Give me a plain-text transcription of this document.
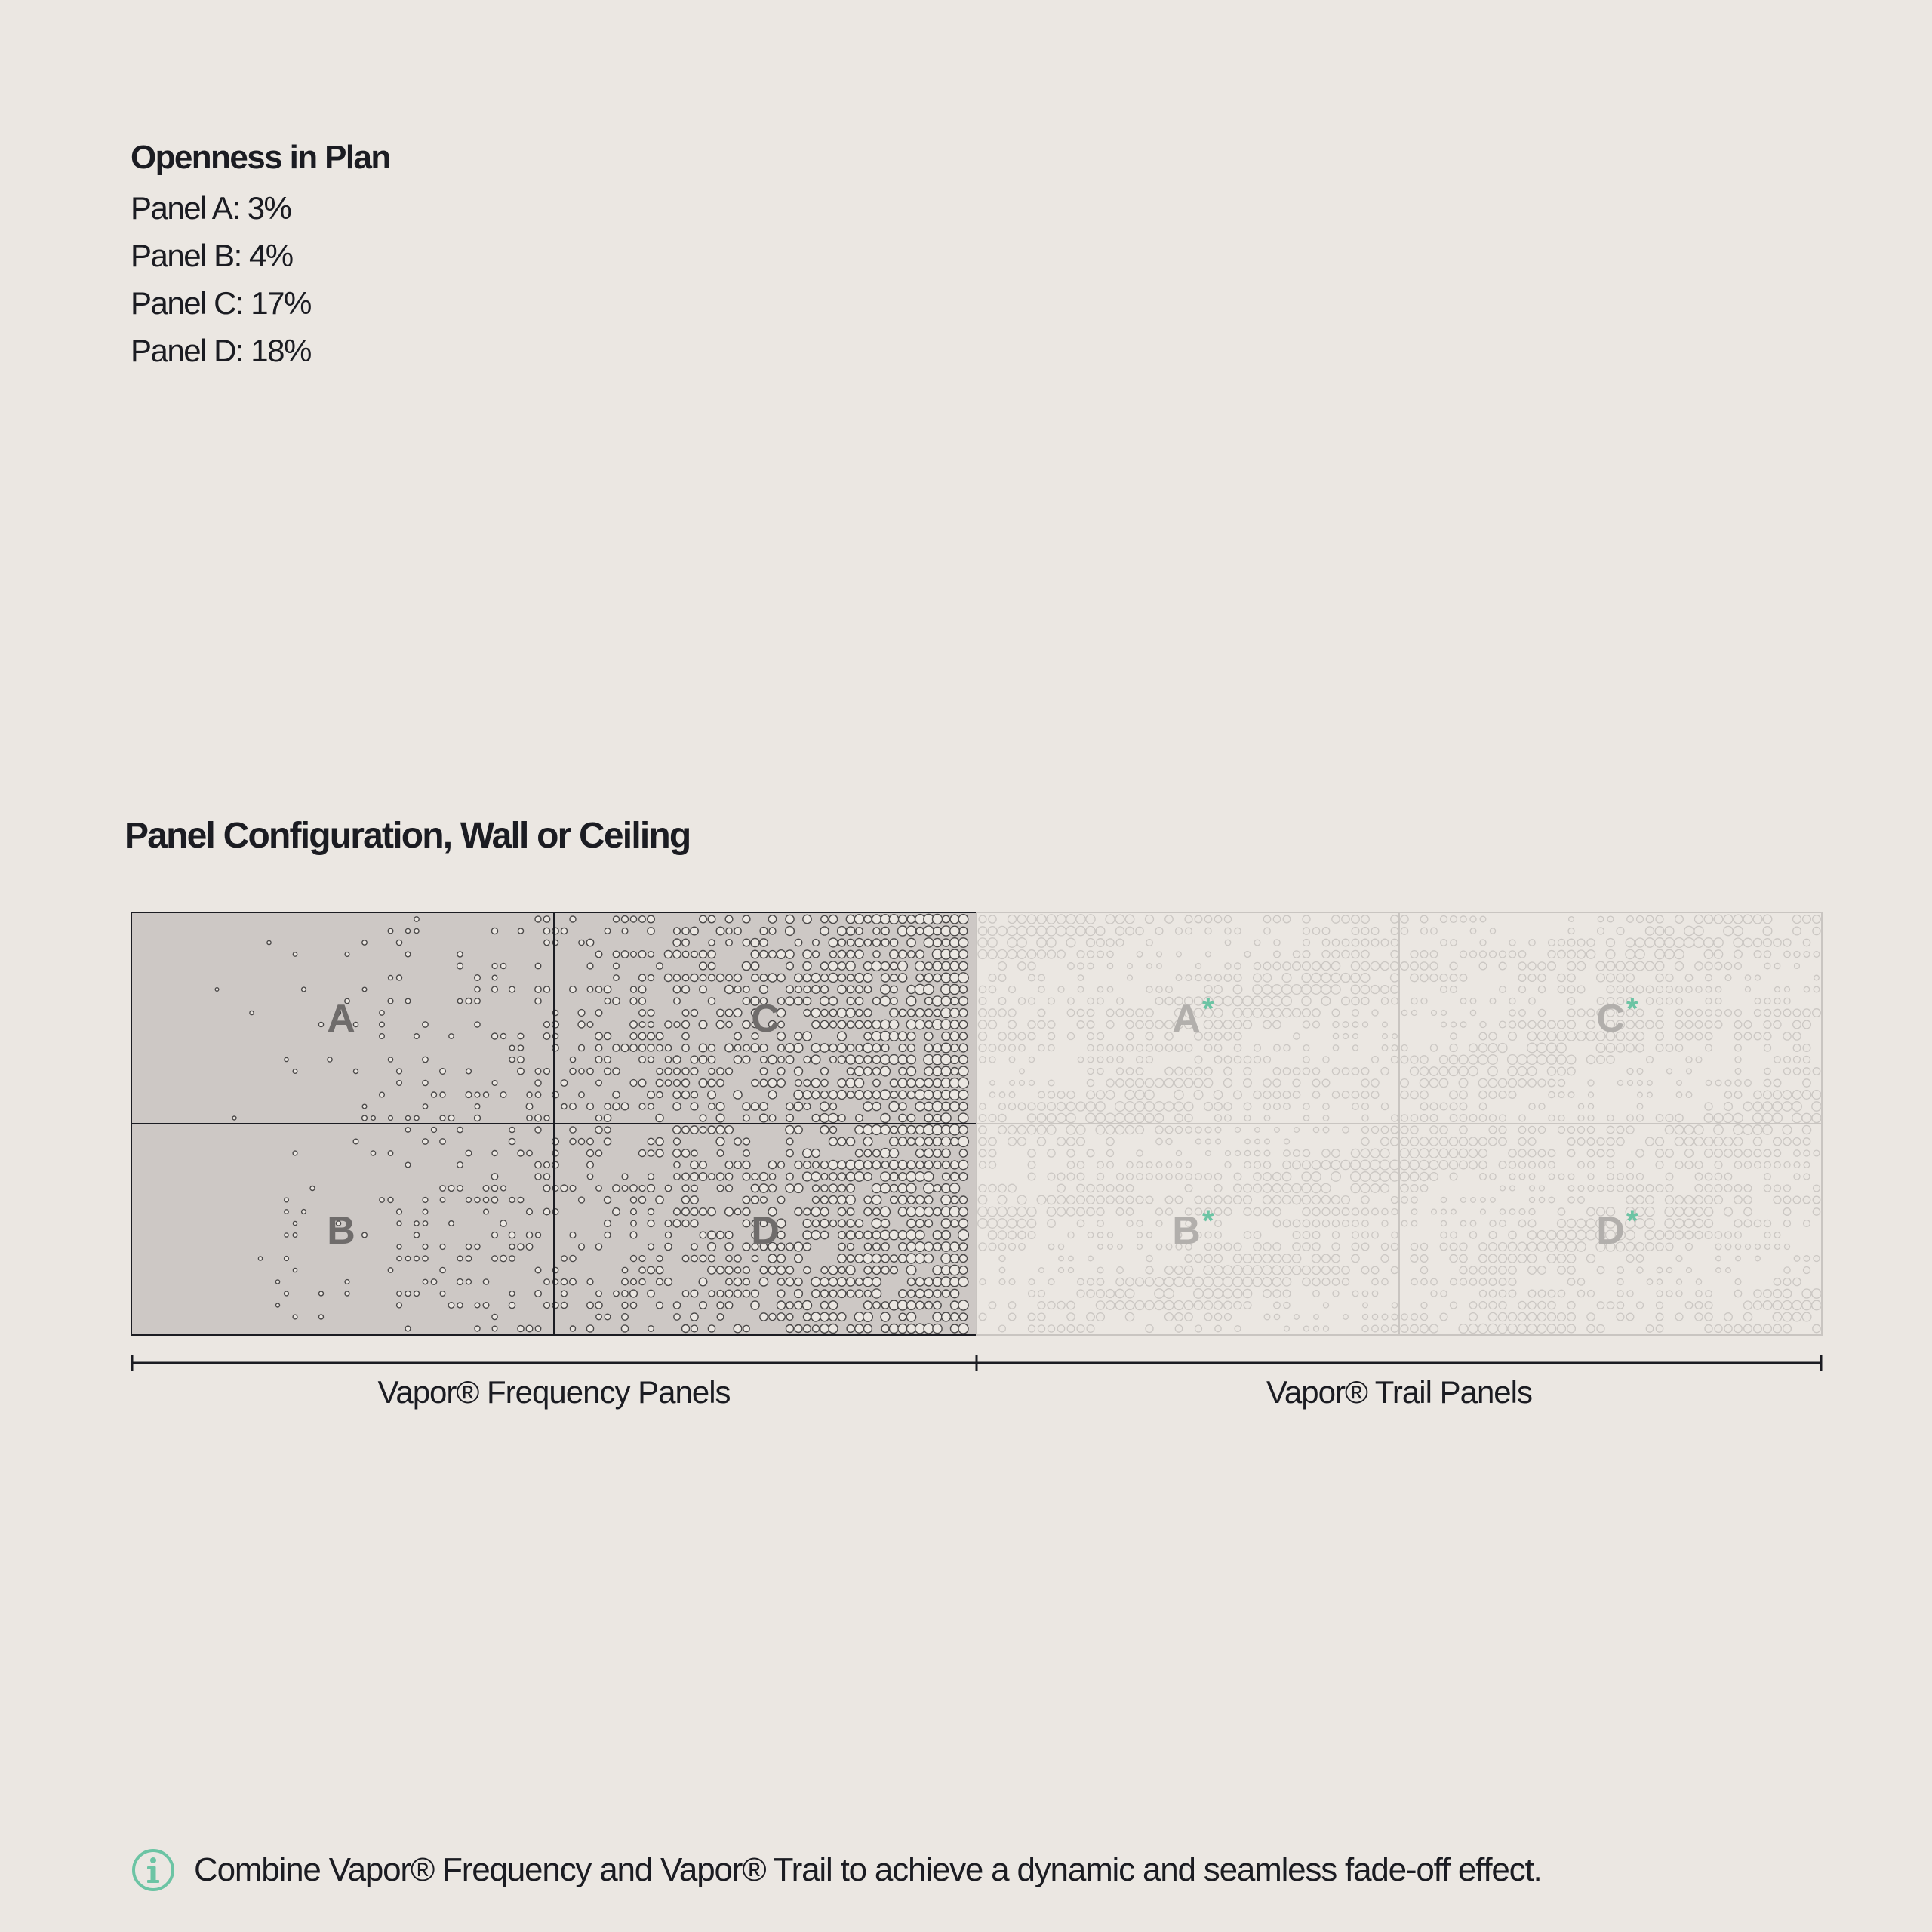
Openness in Plan
Panel A: 3%
Panel B: 4%
Panel C: 17%
Panel D: 18%
Panel Configuration, Wall or Ceiling
A
B
C
D
A *
B *
C *
D *
Vapor® Frequency Panels	Vapor® Trail Panels
Combine Vapor® Frequency and Vapor® Trail to achieve a dynamic and seamless fade-off effect.
